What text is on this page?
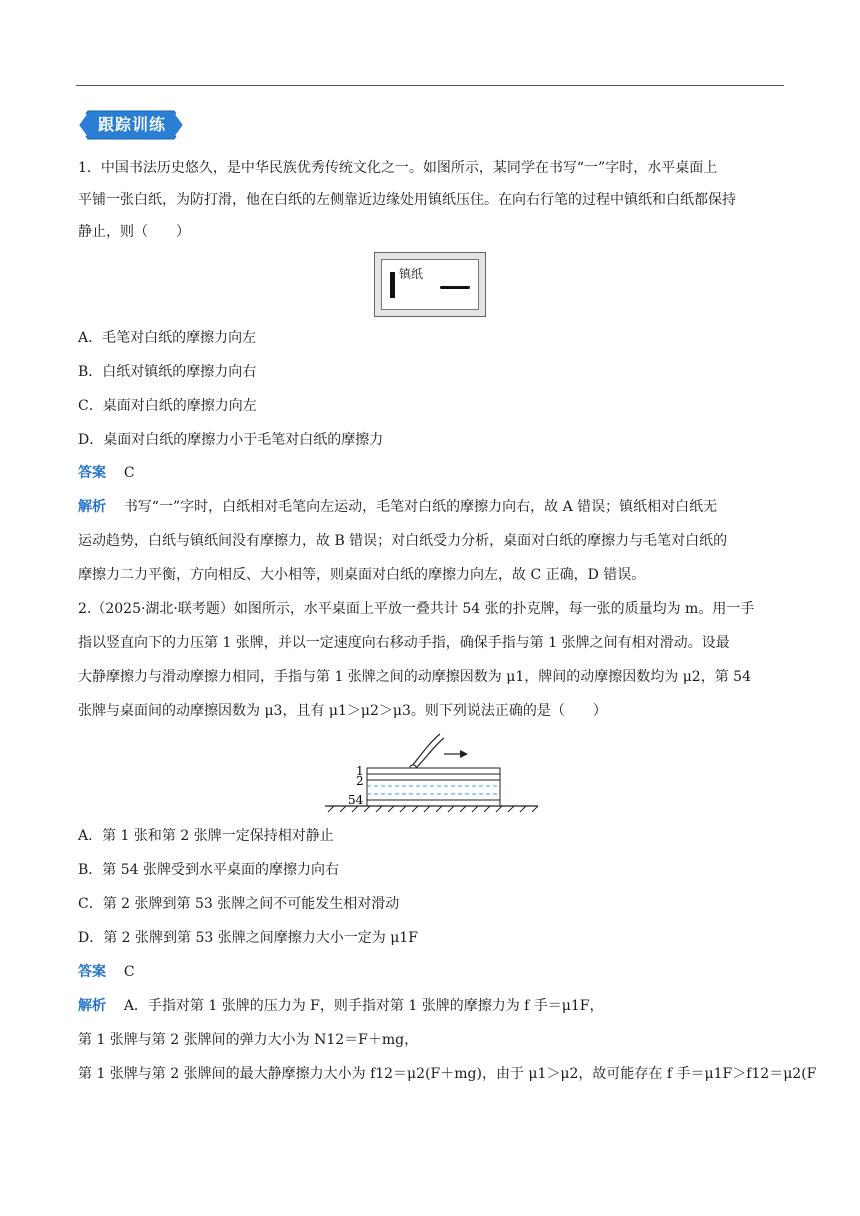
跟踪训练
1．中国书法历史悠久，是中华民族优秀传统文化之一。如图所示，某同学在书写“一”字时，水平桌面上
平铺一张白纸，为防打滑，他在白纸的左侧靠近边缘处用镇纸压住。在向右行笔的过程中镇纸和白纸都保持
静止，则（　　）
镇纸
A．毛笔对白纸的摩擦力向左
B．白纸对镇纸的摩擦力向右
C．桌面对白纸的摩擦力向左
D．桌面对白纸的摩擦力小于毛笔对白纸的摩擦力
答案 C
解析 书写“一”字时，白纸相对毛笔向左运动，毛笔对白纸的摩擦力向右，故 A 错误；镇纸相对白纸无
运动趋势，白纸与镇纸间没有摩擦力，故 B 错误；对白纸受力分析，桌面对白纸的摩擦力与毛笔对白纸的
摩擦力二力平衡，方向相反、大小相等，则桌面对白纸的摩擦力向左，故 C 正确，D 错误。
2.（2025·湖北·联考题）如图所示，水平桌面上平放一叠共计 54 张的扑克牌，每一张的质量均为 m。用一手
指以竖直向下的力压第 1 张牌，并以一定速度向右移动手指，确保手指与第 1 张牌之间有相对滑动。设最
大静摩擦力与滑动摩擦力相同，手指与第 1 张牌之间的动摩擦因数为 μ1，牌间的动摩擦因数均为 μ2，第 54
张牌与桌面间的动摩擦因数为 μ3，且有 μ1＞μ2＞μ3。则下列说法正确的是（　　）
1
2
54
A．第 1 张和第 2 张牌一定保持相对静止
B．第 54 张牌受到水平桌面的摩擦力向右
C．第 2 张牌到第 53 张牌之间不可能发生相对滑动
D．第 2 张牌到第 53 张牌之间摩擦力大小一定为 μ1F
答案 C
解析 A．手指对第 1 张牌的压力为 F，则手指对第 1 张牌的摩擦力为 f 手＝μ1F，
第 1 张牌与第 2 张牌间的弹力大小为 N12＝F＋mg，
第 1 张牌与第 2 张牌间的最大静摩擦力大小为 f12＝μ2(F＋mg)，由于 μ1＞μ2，故可能存在 f 手＝μ1F＞f12＝μ2(F
